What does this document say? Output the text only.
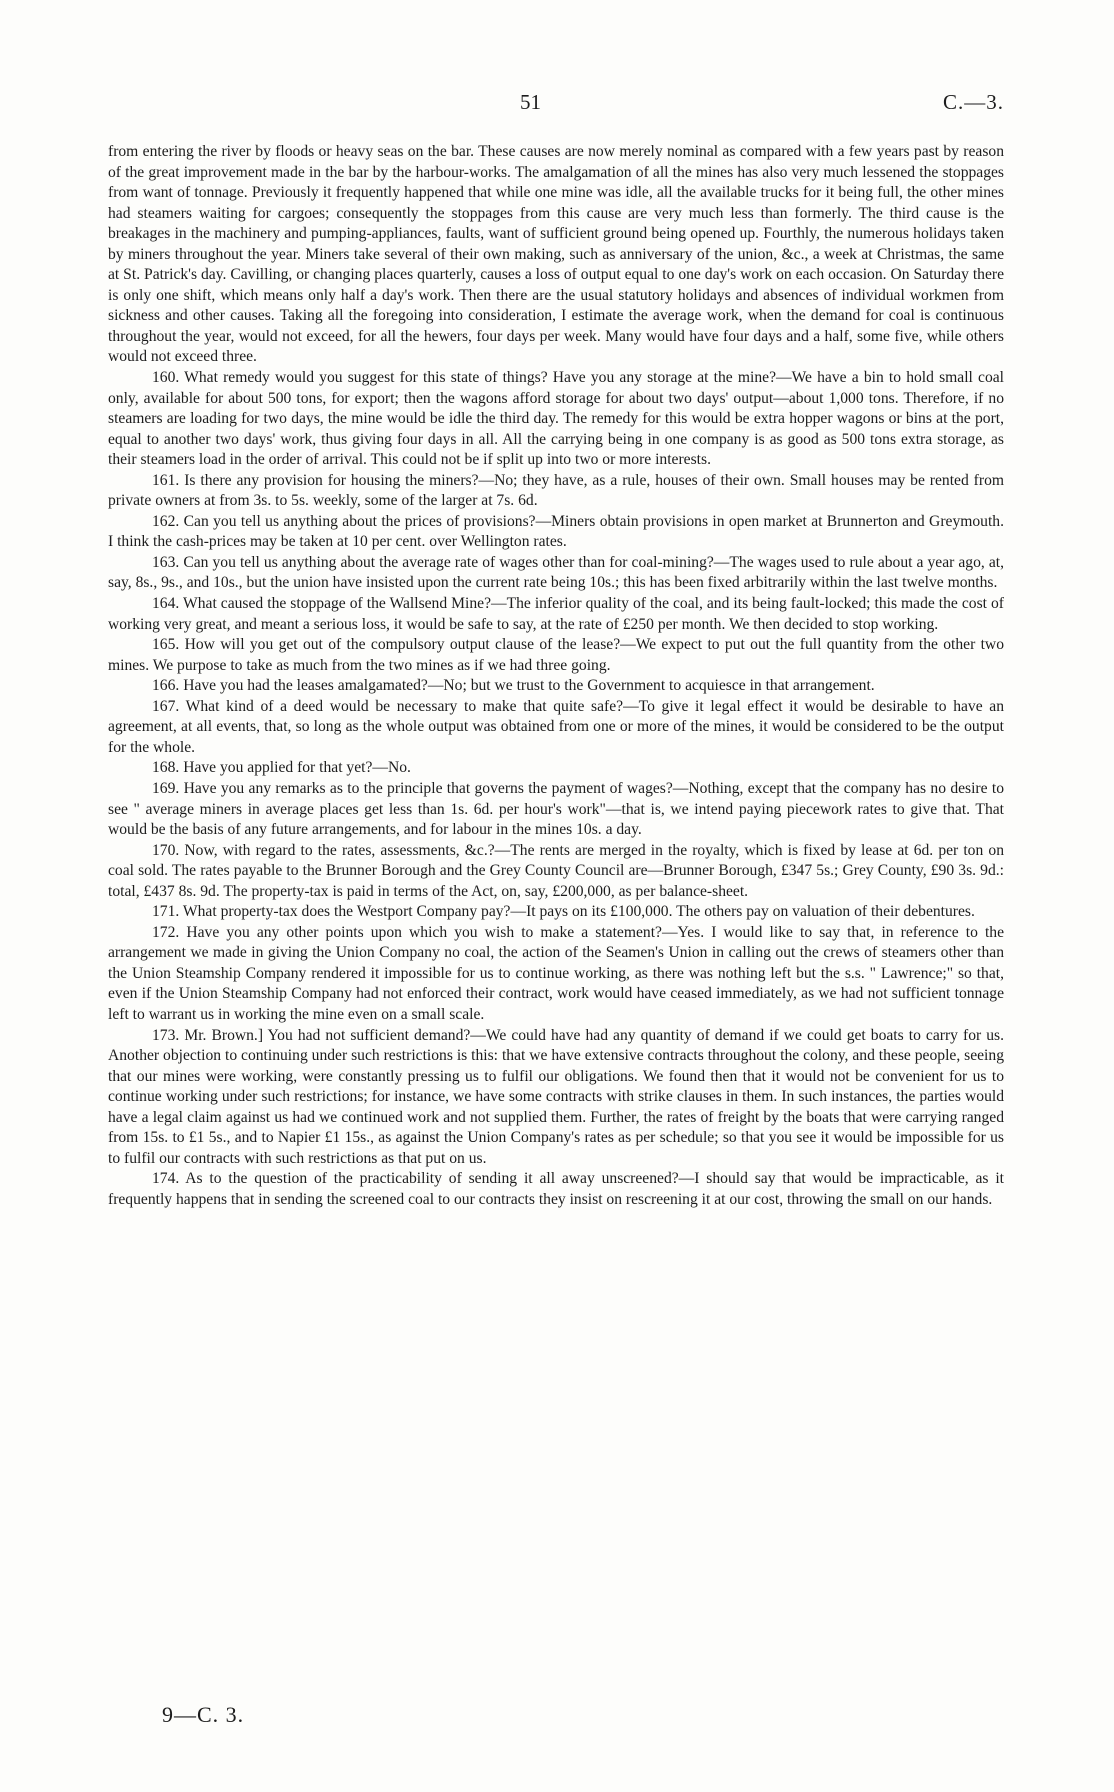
51	C.—3.

from entering the river by floods or heavy seas on the bar. These causes are now merely nominal as compared with a few years past by reason of the great improvement made in the bar by the harbour-works. The amalgamation of all the mines has also very much lessened the stoppages from want of tonnage. Previously it frequently happened that while one mine was idle, all the available trucks for it being full, the other mines had steamers waiting for cargoes; consequently the stoppages from this cause are very much less than formerly. The third cause is the breakages in the machinery and pumping-appliances, faults, want of sufficient ground being opened up. Fourthly, the numerous holidays taken by miners throughout the year. Miners take several of their own making, such as anniversary of the union, &c., a week at Christmas, the same at St. Patrick's day. Cavilling, or changing places quarterly, causes a loss of output equal to one day's work on each occasion. On Saturday there is only one shift, which means only half a day's work. Then there are the usual statutory holidays and absences of individual workmen from sickness and other causes. Taking all the foregoing into consideration, I estimate the average work, when the demand for coal is continuous throughout the year, would not exceed, for all the hewers, four days per week. Many would have four days and a half, some five, while others would not exceed three.

160. What remedy would you suggest for this state of things? Have you any storage at the mine?—We have a bin to hold small coal only, available for about 500 tons, for export; then the wagons afford storage for about two days' output—about 1,000 tons. Therefore, if no steamers are loading for two days, the mine would be idle the third day. The remedy for this would be extra hopper wagons or bins at the port, equal to another two days' work, thus giving four days in all. All the carrying being in one company is as good as 500 tons extra storage, as their steamers load in the order of arrival. This could not be if split up into two or more interests.

161. Is there any provision for housing the miners?—No; they have, as a rule, houses of their own. Small houses may be rented from private owners at from 3s. to 5s. weekly, some of the larger at 7s. 6d.

162. Can you tell us anything about the prices of provisions?—Miners obtain provisions in open market at Brunnerton and Greymouth. I think the cash-prices may be taken at 10 per cent. over Wellington rates.

163. Can you tell us anything about the average rate of wages other than for coal-mining?—The wages used to rule about a year ago, at, say, 8s., 9s., and 10s., but the union have insisted upon the current rate being 10s.; this has been fixed arbitrarily within the last twelve months.

164. What caused the stoppage of the Wallsend Mine?—The inferior quality of the coal, and its being fault-locked; this made the cost of working very great, and meant a serious loss, it would be safe to say, at the rate of £250 per month. We then decided to stop working.

165. How will you get out of the compulsory output clause of the lease?—We expect to put out the full quantity from the other two mines. We purpose to take as much from the two mines as if we had three going.

166. Have you had the leases amalgamated?—No; but we trust to the Government to acquiesce in that arrangement.

167. What kind of a deed would be necessary to make that quite safe?—To give it legal effect it would be desirable to have an agreement, at all events, that, so long as the whole output was obtained from one or more of the mines, it would be considered to be the output for the whole.

168. Have you applied for that yet?—No.

169. Have you any remarks as to the principle that governs the payment of wages?—Nothing, except that the company has no desire to see " average miners in average places get less than 1s. 6d. per hour's work"—that is, we intend paying piecework rates to give that. That would be the basis of any future arrangements, and for labour in the mines 10s. a day.

170. Now, with regard to the rates, assessments, &c.?—The rents are merged in the royalty, which is fixed by lease at 6d. per ton on coal sold. The rates payable to the Brunner Borough and the Grey County Council are—Brunner Borough, £347 5s.; Grey County, £90 3s. 9d.: total, £437 8s. 9d. The property-tax is paid in terms of the Act, on, say, £200,000, as per balance-sheet.

171. What property-tax does the Westport Company pay?—It pays on its £100,000. The others pay on valuation of their debentures.

172. Have you any other points upon which you wish to make a statement?—Yes. I would like to say that, in reference to the arrangement we made in giving the Union Company no coal, the action of the Seamen's Union in calling out the crews of steamers other than the Union Steamship Company rendered it impossible for us to continue working, as there was nothing left but the s.s. " Lawrence;" so that, even if the Union Steamship Company had not enforced their contract, work would have ceased immediately, as we had not sufficient tonnage left to warrant us in working the mine even on a small scale.

173. Mr. Brown.] You had not sufficient demand?—We could have had any quantity of demand if we could get boats to carry for us. Another objection to continuing under such restrictions is this: that we have extensive contracts throughout the colony, and these people, seeing that our mines were working, were constantly pressing us to fulfil our obligations. We found then that it would not be convenient for us to continue working under such restrictions; for instance, we have some contracts with strike clauses in them. In such instances, the parties would have a legal claim against us had we continued work and not supplied them. Further, the rates of freight by the boats that were carrying ranged from 15s. to £1 5s., and to Napier £1 15s., as against the Union Company's rates as per schedule; so that you see it would be impossible for us to fulfil our contracts with such restrictions as that put on us.

174. As to the question of the practicability of sending it all away unscreened?—I should say that would be impracticable, as it frequently happens that in sending the screened coal to our contracts they insist on rescreening it at our cost, throwing the small on our hands.

9—C. 3.
